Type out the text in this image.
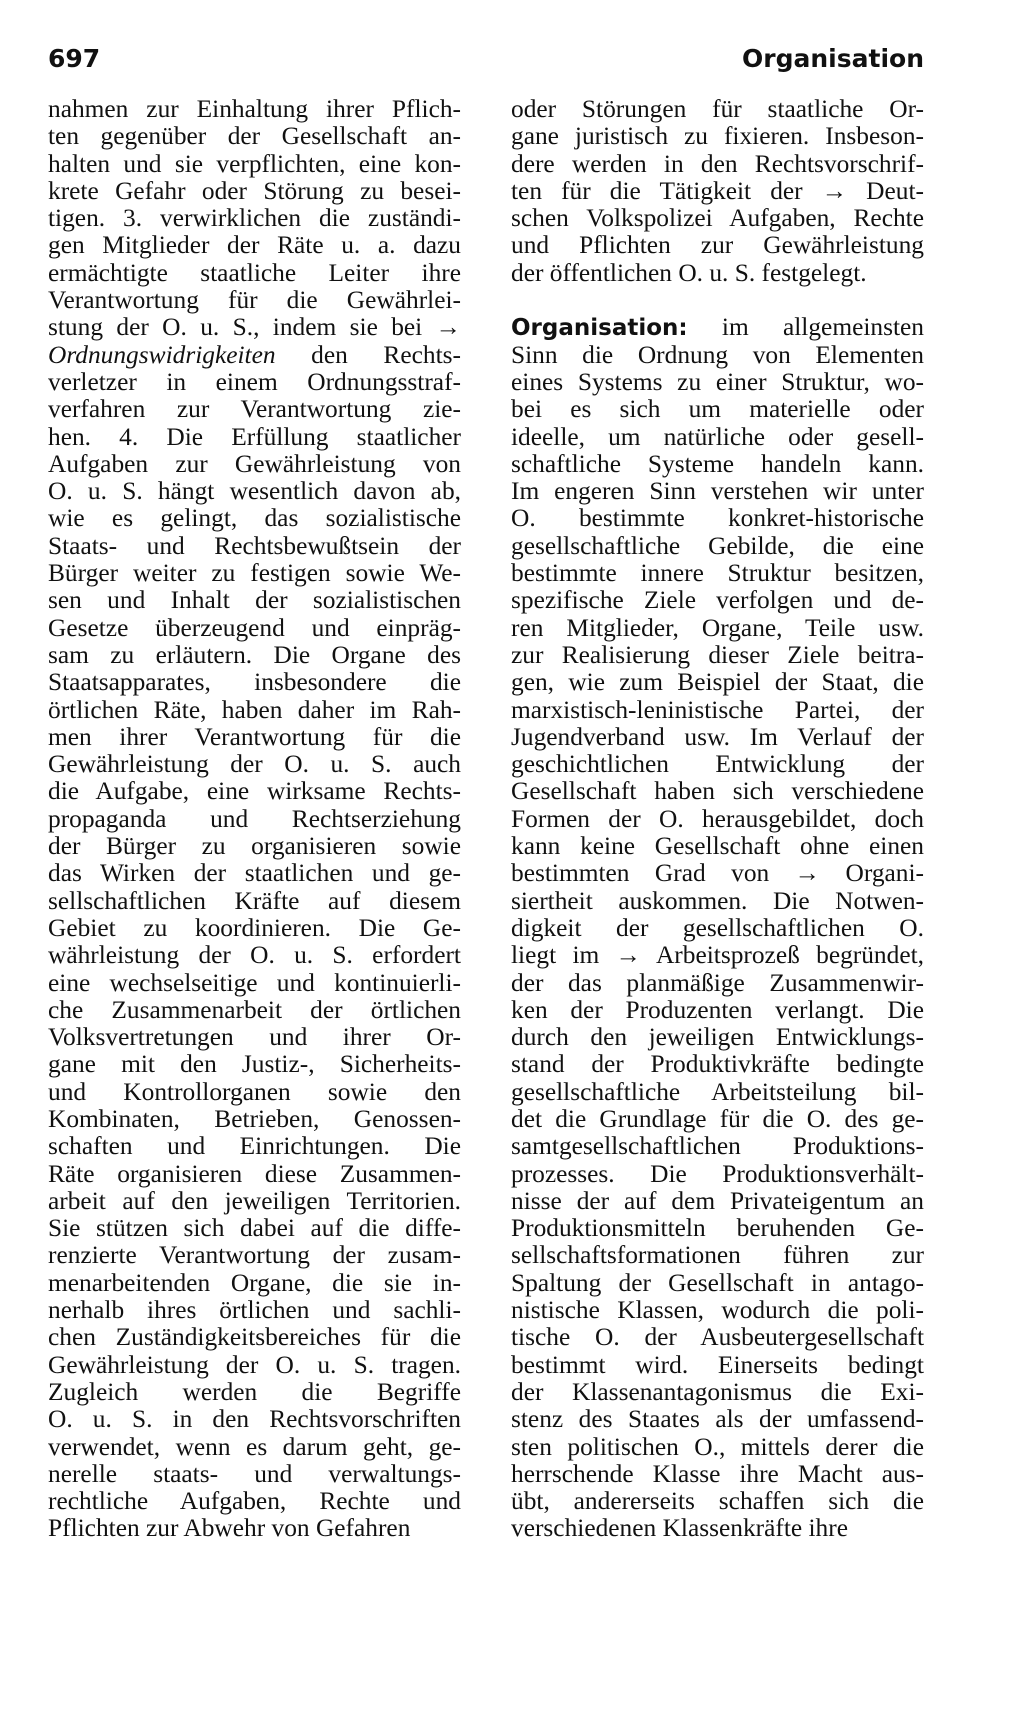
697	Organisation
nahmen zur Einhaltung ihrer Pflich-
ten gegenüber der Gesellschaft an-
halten und sie verpflichten, eine kon-
krete Gefahr oder Störung zu besei-
tigen. 3. verwirklichen die zuständi-
gen Mitglieder der Räte u. a. dazu
ermächtigte staatliche Leiter ihre
Verantwortung für die Gewährlei-
stung der O. u. S., indem sie bei →
Ordnungswidrigkeiten den Rechts-
verletzer in einem Ordnungsstraf-
verfahren zur Verantwortung zie-
hen. 4. Die Erfüllung staatlicher
Aufgaben zur Gewährleistung von
O. u. S. hängt wesentlich davon ab,
wie es gelingt, das sozialistische
Staats- und Rechtsbewußtsein der
Bürger weiter zu festigen sowie We-
sen und Inhalt der sozialistischen
Gesetze überzeugend und einpräg-
sam zu erläutern. Die Organe des
Staatsapparates, insbesondere die
örtlichen Räte, haben daher im Rah-
men ihrer Verantwortung für die
Gewährleistung der O. u. S. auch
die Aufgabe, eine wirksame Rechts-
propaganda und Rechtserziehung
der Bürger zu organisieren sowie
das Wirken der staatlichen und ge-
sellschaftlichen Kräfte auf diesem
Gebiet zu koordinieren. Die Ge-
währleistung der O. u. S. erfordert
eine wechselseitige und kontinuierli-
che Zusammenarbeit der örtlichen
Volksvertretungen und ihrer Or-
gane mit den Justiz-, Sicherheits-
und Kontrollorganen sowie den
Kombinaten, Betrieben, Genossen-
schaften und Einrichtungen. Die
Räte organisieren diese Zusammen-
arbeit auf den jeweiligen Territorien.
Sie stützen sich dabei auf die diffe-
renzierte Verantwortung der zusam-
menarbeitenden Organe, die sie in-
nerhalb ihres örtlichen und sachli-
chen Zuständigkeitsbereiches für die
Gewährleistung der O. u. S. tragen.
Zugleich werden die Begriffe
O. u. S. in den Rechtsvorschriften
verwendet, wenn es darum geht, ge-
nerelle staats- und verwaltungs-
rechtliche Aufgaben, Rechte und
Pflichten zur Abwehr von Gefahren
oder Störungen für staatliche Or-
gane juristisch zu fixieren. Insbeson-
dere werden in den Rechtsvorschrif-
ten für die Tätigkeit der → Deut-
schen Volkspolizei Aufgaben, Rechte
und Pflichten zur Gewährleistung
der öffentlichen O. u. S. festgelegt.
Organisation: im allgemeinsten
Sinn die Ordnung von Elementen
eines Systems zu einer Struktur, wo-
bei es sich um materielle oder
ideelle, um natürliche oder gesell-
schaftliche Systeme handeln kann.
Im engeren Sinn verstehen wir unter
O. bestimmte konkret-historische
gesellschaftliche Gebilde, die eine
bestimmte innere Struktur besitzen,
spezifische Ziele verfolgen und de-
ren Mitglieder, Organe, Teile usw.
zur Realisierung dieser Ziele beitra-
gen, wie zum Beispiel der Staat, die
marxistisch-leninistische Partei, der
Jugendverband usw. Im Verlauf der
geschichtlichen Entwicklung der
Gesellschaft haben sich verschiedene
Formen der O. herausgebildet, doch
kann keine Gesellschaft ohne einen
bestimmten Grad von → Organi-
siertheit auskommen. Die Notwen-
digkeit der gesellschaftlichen O.
liegt im → Arbeitsprozeß begründet,
der das planmäßige Zusammenwir-
ken der Produzenten verlangt. Die
durch den jeweiligen Entwicklungs-
stand der Produktivkräfte bedingte
gesellschaftliche Arbeitsteilung bil-
det die Grundlage für die O. des ge-
samtgesellschaftlichen Produktions-
prozesses. Die Produktionsverhält-
nisse der auf dem Privateigentum an
Produktionsmitteln beruhenden Ge-
sellschaftsformationen führen zur
Spaltung der Gesellschaft in antago-
nistische Klassen, wodurch die poli-
tische O. der Ausbeutergesellschaft
bestimmt wird. Einerseits bedingt
der Klassenantagonismus die Exi-
stenz des Staates als der umfassend-
sten politischen O., mittels derer die
herrschende Klasse ihre Macht aus-
übt, andererseits schaffen sich die
verschiedenen Klassenkräfte ihre
